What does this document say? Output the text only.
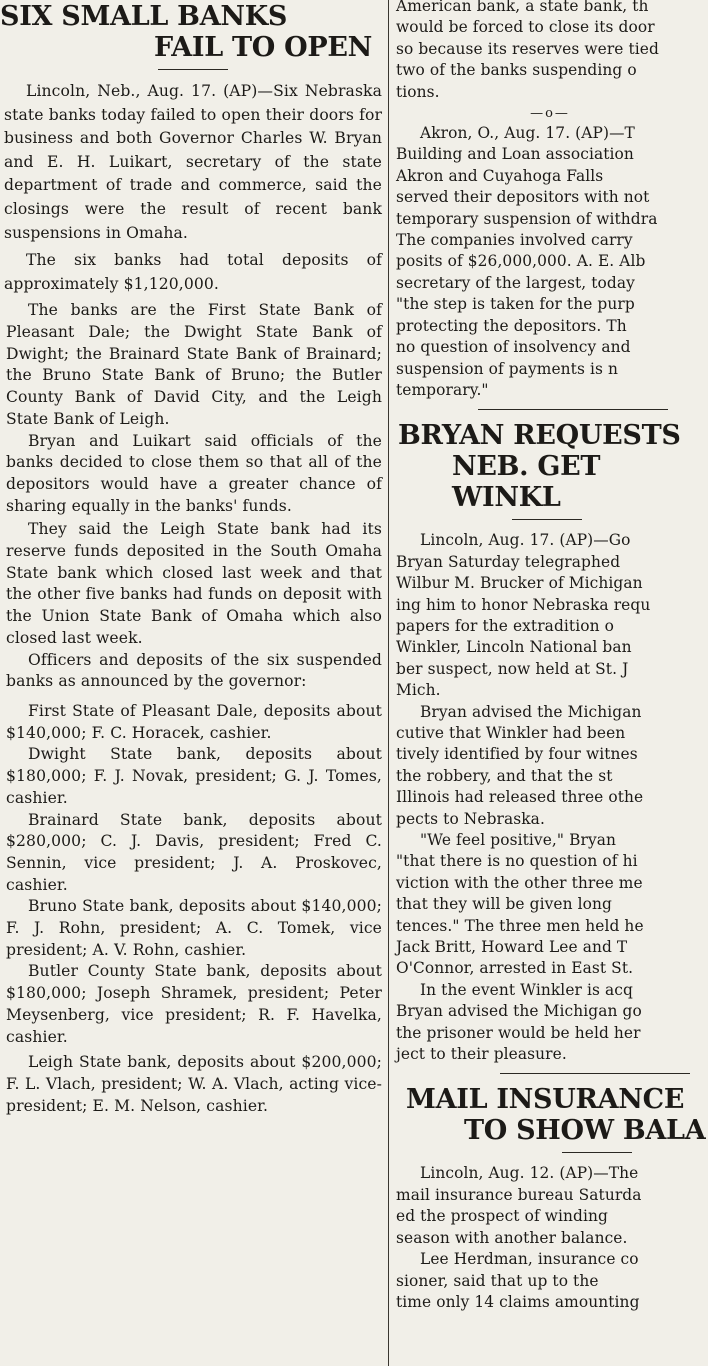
SIX SMALL BANKS
FAIL TO OPEN

Lincoln, Neb., Aug. 17. (AP)—Six Nebraska state banks today failed to open their doors for business and both Governor Charles W. Bryan and E. H. Luikart, secretary of the state department of trade and commerce, said the closings were the result of recent bank suspensions in Omaha.

The six banks had total deposits of approximately $1,120,000.

The banks are the First State Bank of Pleasant Dale; the Dwight State Bank of Dwight; the Brainard State Bank of Brainard; the Bruno State Bank of Bruno; the Butler County Bank of David City, and the Leigh State Bank of Leigh.

Bryan and Luikart said officials of the banks decided to close them so that all of the depositors would have a greater chance of sharing equally in the banks' funds.

They said the Leigh State bank had its reserve funds deposited in the South Omaha State bank which closed last week and that the other five banks had funds on deposit with the Union State Bank of Omaha which also closed last week.

Officers and deposits of the six suspended banks as announced by the governor:

First State of Pleasant Dale, deposits about $140,000; F. C. Horacek, cashier.

Dwight State bank, deposits about $180,000; F. J. Novak, president; G. J. Tomes, cashier.

Brainard State bank, deposits about $280,000; C. J. Davis, president; Fred C. Sennin, vice president; J. A. Proskovec, cashier.

Bruno State bank, deposits about $140,000; F. J. Rohn, president; A. C. Tomek, vice president; A. V. Rohn, cashier.

Butler County State bank, deposits about $180,000; Joseph Shramek, president; Peter Meysenberg, vice president; R. F. Havelka, cashier.

Leigh State bank, deposits about $200,000; F. L. Vlach, president; W. A. Vlach, acting vice-president; E. M. Nelson, cashier.

American bank, a state bank, th

would be forced to close its door

so because its reserves were tied

two of the banks suspending o

tions.

—o—

Akron, O., Aug. 17. (AP)—T

Building and Loan association

Akron and Cuyahoga Falls

served their depositors with not

temporary suspension of withdra

The companies involved carry

posits of $26,000,000. A. E. Alb

secretary of the largest, today

"the step is taken for the purp

protecting the depositors. Th

no question of insolvency and

suspension of payments is n

temporary."

BRYAN REQUESTS
NEB. GET WINKL

Lincoln, Aug. 17. (AP)—Go

Bryan Saturday telegraphed

Wilbur M. Brucker of Michigan

ing him to honor Nebraska requ

papers for the extradition o

Winkler, Lincoln National ban

ber suspect, now held at St. J

Mich.

Bryan advised the Michigan

cutive that Winkler had been

tively identified by four witnes

the robbery, and that the st

Illinois had released three othe

pects to Nebraska.

"We feel positive," Bryan

"that there is no question of hi

viction with the other three me

that they will be given long

tences." The three men held he

Jack Britt, Howard Lee and T

O'Connor, arrested in East St.

In the event Winkler is acq

Bryan advised the Michigan go

the prisoner would be held her

ject to their pleasure.

MAIL INSURANCE
TO SHOW BALA

Lincoln, Aug. 12. (AP)—The

mail insurance bureau Saturda

ed the prospect of winding

season with another balance.

Lee Herdman, insurance co

sioner, said that up to the

time only 14 claims amounting
